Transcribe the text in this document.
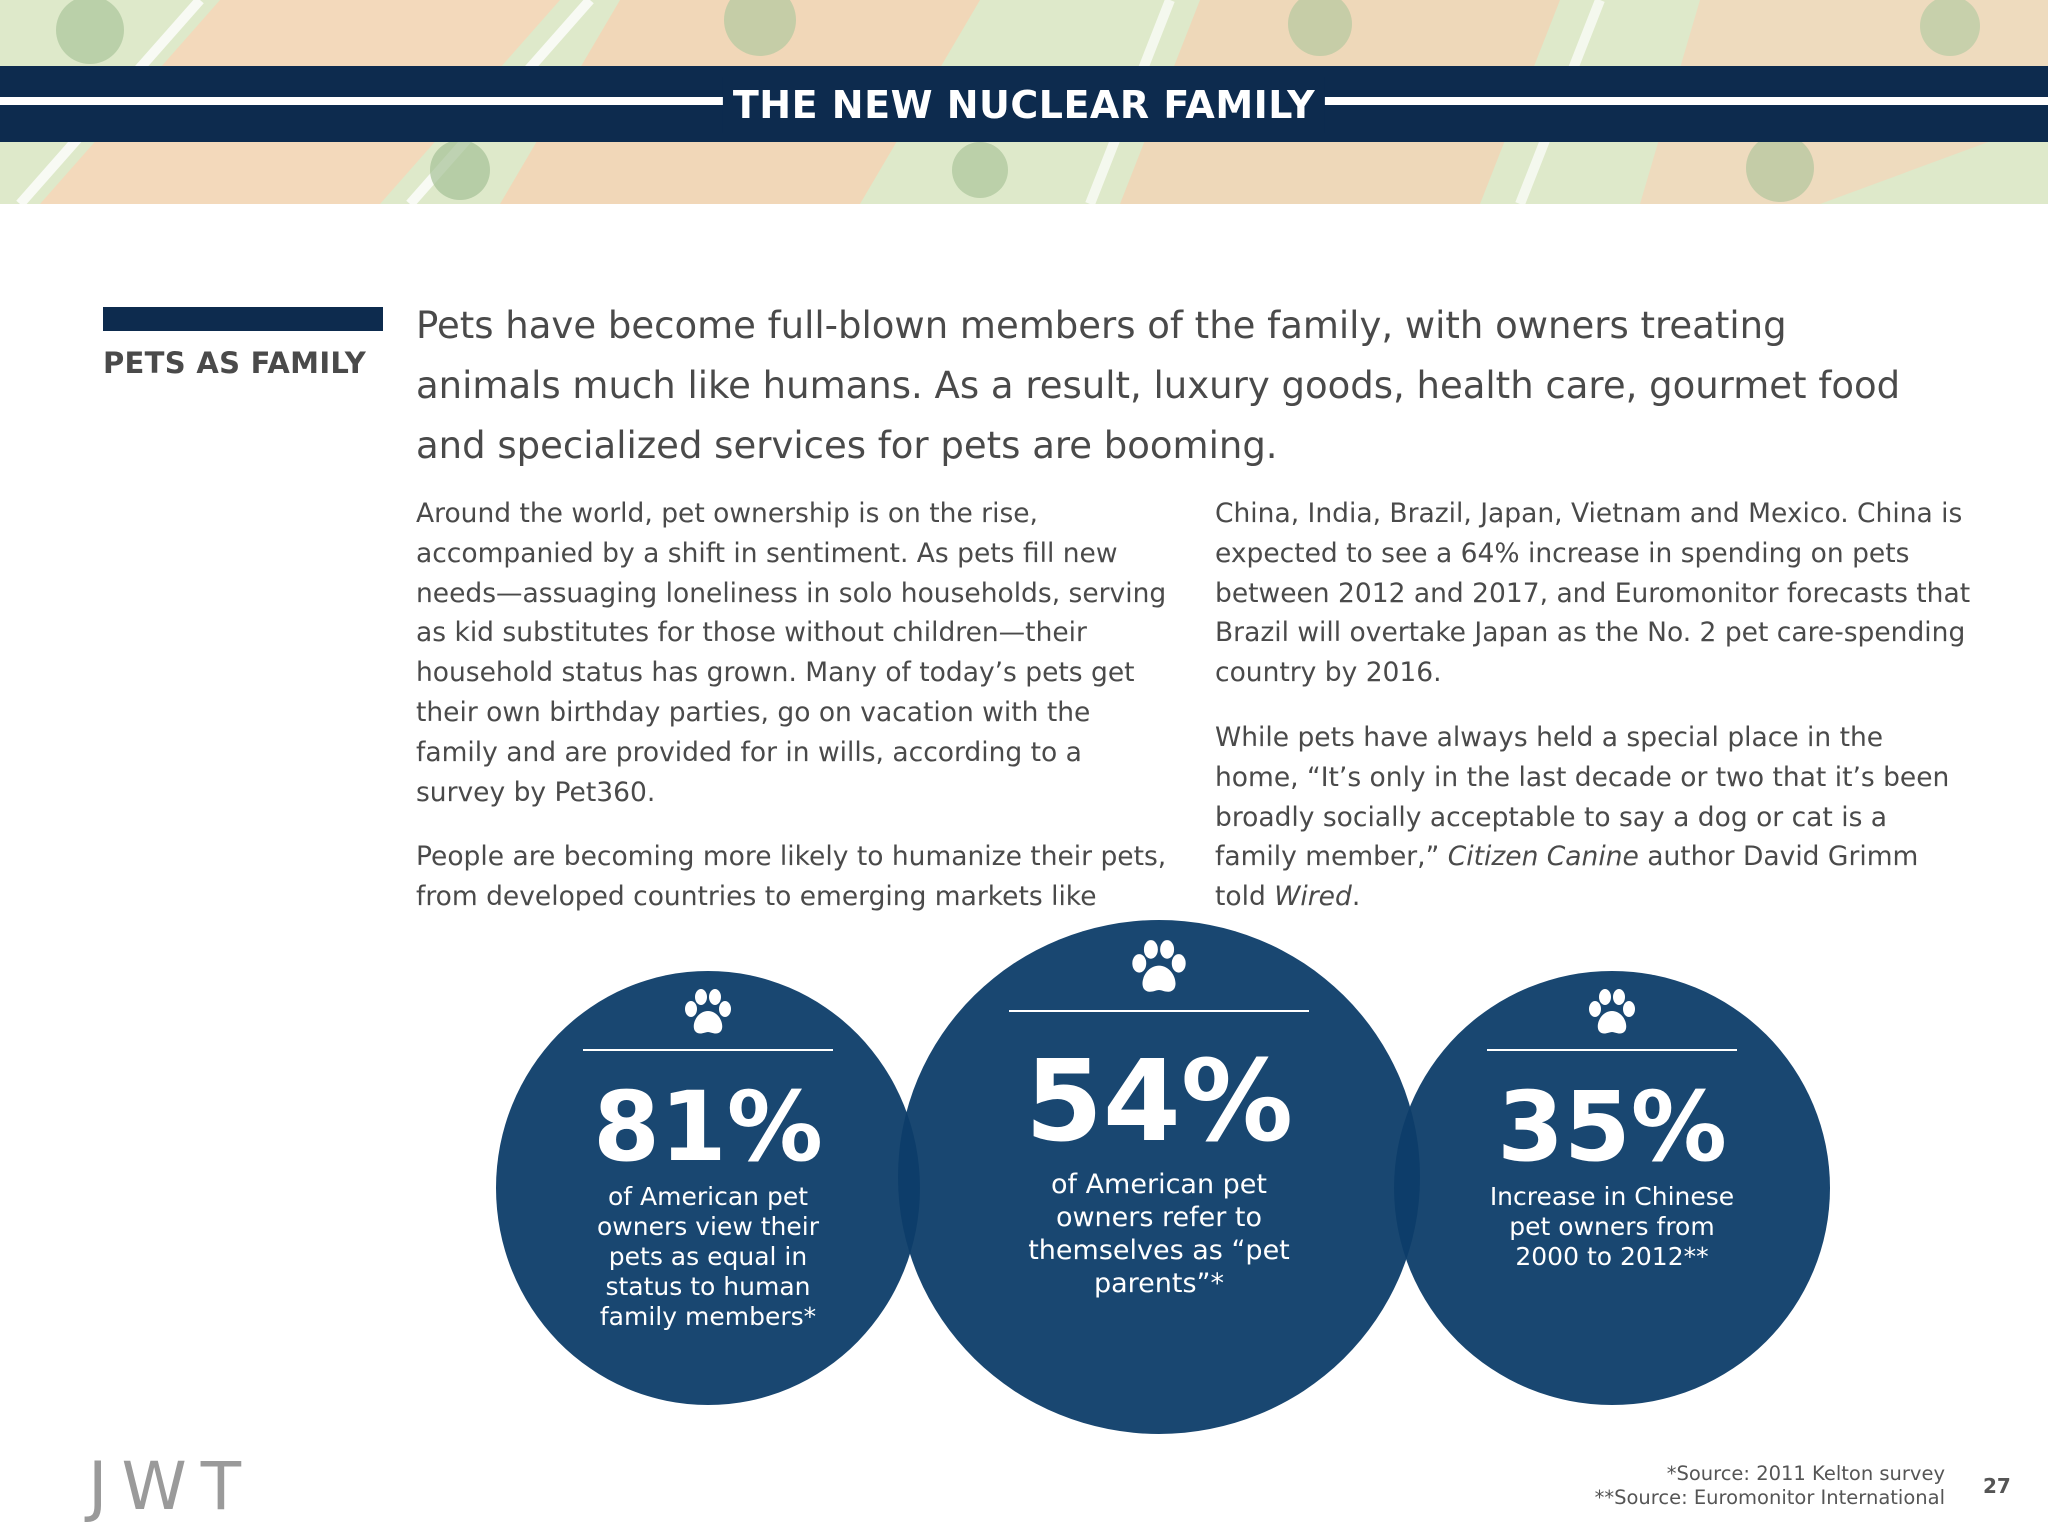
THE NEW NUCLEAR FAMILY
PETS AS FAMILY
Pets have become full-blown members of the family, with owners treating animals much like humans. As a result, luxury goods, health care, gourmet food and specialized services for pets are booming.

Around the world, pet ownership is on the rise, accompanied by a shift in sentiment. As pets fill new needs—assuaging loneliness in solo households, serving as kid substitutes for those without children—their household status has grown. Many of today’s pets get their own birthday parties, go on vacation with the family and are provided for in wills, according to a survey by Pet360.

People are becoming more likely to humanize their pets, from developed countries to emerging markets like

China, India, Brazil, Japan, Vietnam and Mexico. China is expected to see a 64% increase in spending on pets between 2012 and 2017, and Euromonitor forecasts that Brazil will overtake Japan as the No. 2 pet care-spending country by 2016.

While pets have always held a special place in the home, “It’s only in the last decade or two that it’s been broadly socially acceptable to say a dog or cat is a family member,” Citizen Canine author David Grimm told Wired.

81%
of American pet owners view their pets as equal in status to human family members*
35%
Increase in Chinese pet owners from 2000 to 2012**
54%
of American pet owners refer to themselves as “pet parents”*
JWT	*Source: 2011 Kelton survey
**Source: Euromonitor International 27
